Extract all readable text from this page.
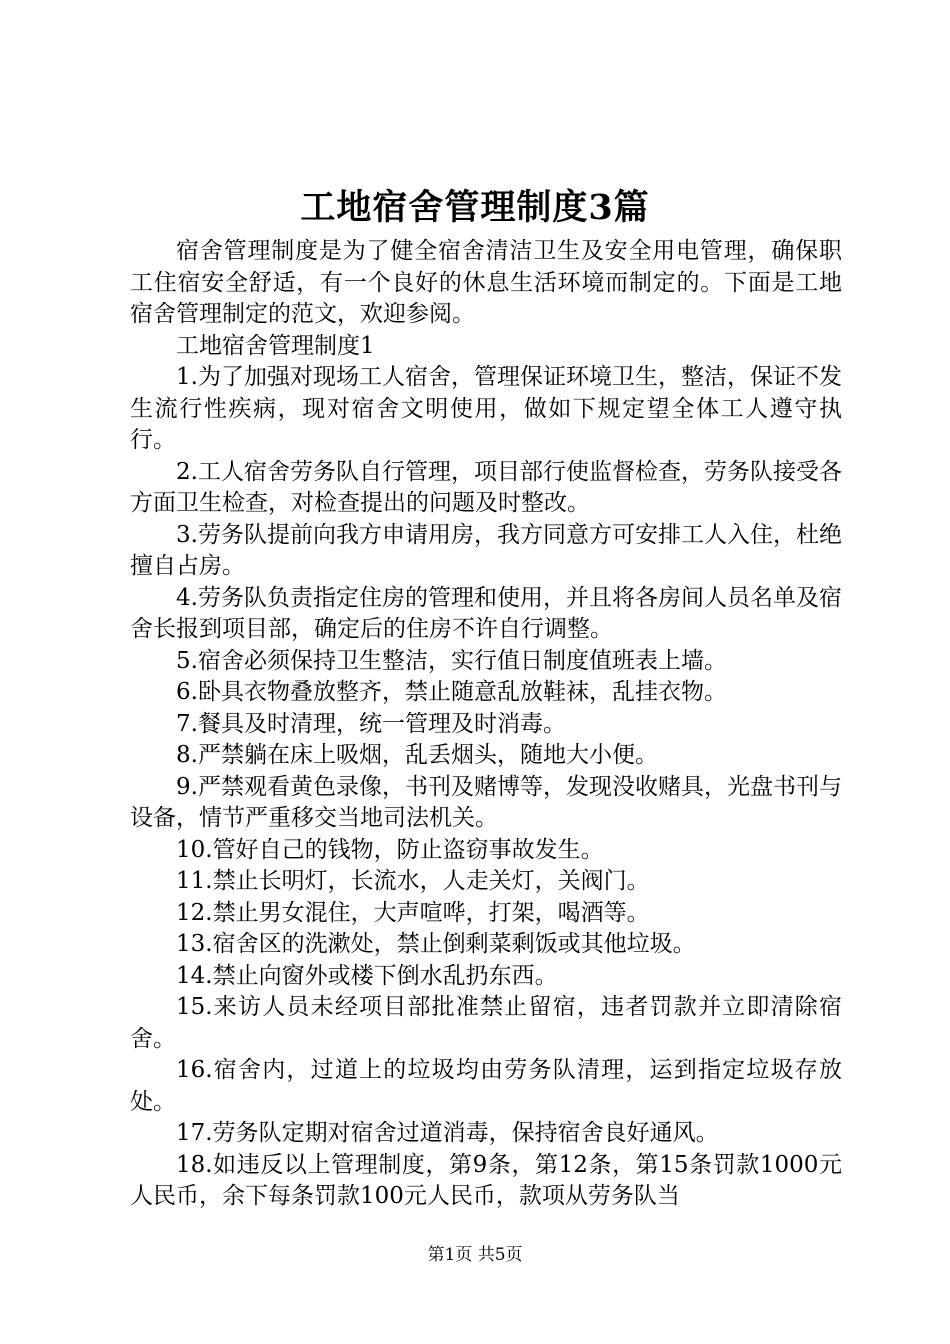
工地宿舍管理制度3篇

宿舍管理制度是为了健全宿舍清洁卫生及安全用电管理，确保职工住宿安全舒适，有一个良好的休息生活环境而制定的。下面是工地宿舍管理制定的范文，欢迎参阅。

工地宿舍管理制度1

1.为了加强对现场工人宿舍，管理保证环境卫生，整洁，保证不发生流行性疾病，现对宿舍文明使用，做如下规定望全体工人遵守执行。

2.工人宿舍劳务队自行管理，项目部行使监督检查，劳务队接受各方面卫生检查，对检查提出的问题及时整改。

3.劳务队提前向我方申请用房，我方同意方可安排工人入住，杜绝擅自占房。

4.劳务队负责指定住房的管理和使用，并且将各房间人员名单及宿舍长报到项目部，确定后的住房不许自行调整。

5.宿舍必须保持卫生整洁，实行值日制度值班表上墙。

6.卧具衣物叠放整齐，禁止随意乱放鞋袜，乱挂衣物。

7.餐具及时清理，统一管理及时消毒。

8.严禁躺在床上吸烟，乱丢烟头，随地大小便。

9.严禁观看黄色录像，书刊及赌博等，发现没收赌具，光盘书刊与设备，情节严重移交当地司法机关。

10.管好自己的钱物，防止盗窃事故发生。

11.禁止长明灯，长流水，人走关灯，关阀门。

12.禁止男女混住，大声喧哗，打架，喝酒等。

13.宿舍区的洗漱处，禁止倒剩菜剩饭或其他垃圾。

14.禁止向窗外或楼下倒水乱扔东西。

15.来访人员未经项目部批准禁止留宿，违者罚款并立即清除宿舍。

16.宿舍内，过道上的垃圾均由劳务队清理，运到指定垃圾存放处。

17.劳务队定期对宿舍过道消毒，保持宿舍良好通风。

18.如违反以上管理制度，第9条，第12条，第15条罚款1000元人民币，余下每条罚款100元人民币，款项从劳务队当

第1页 共5页
